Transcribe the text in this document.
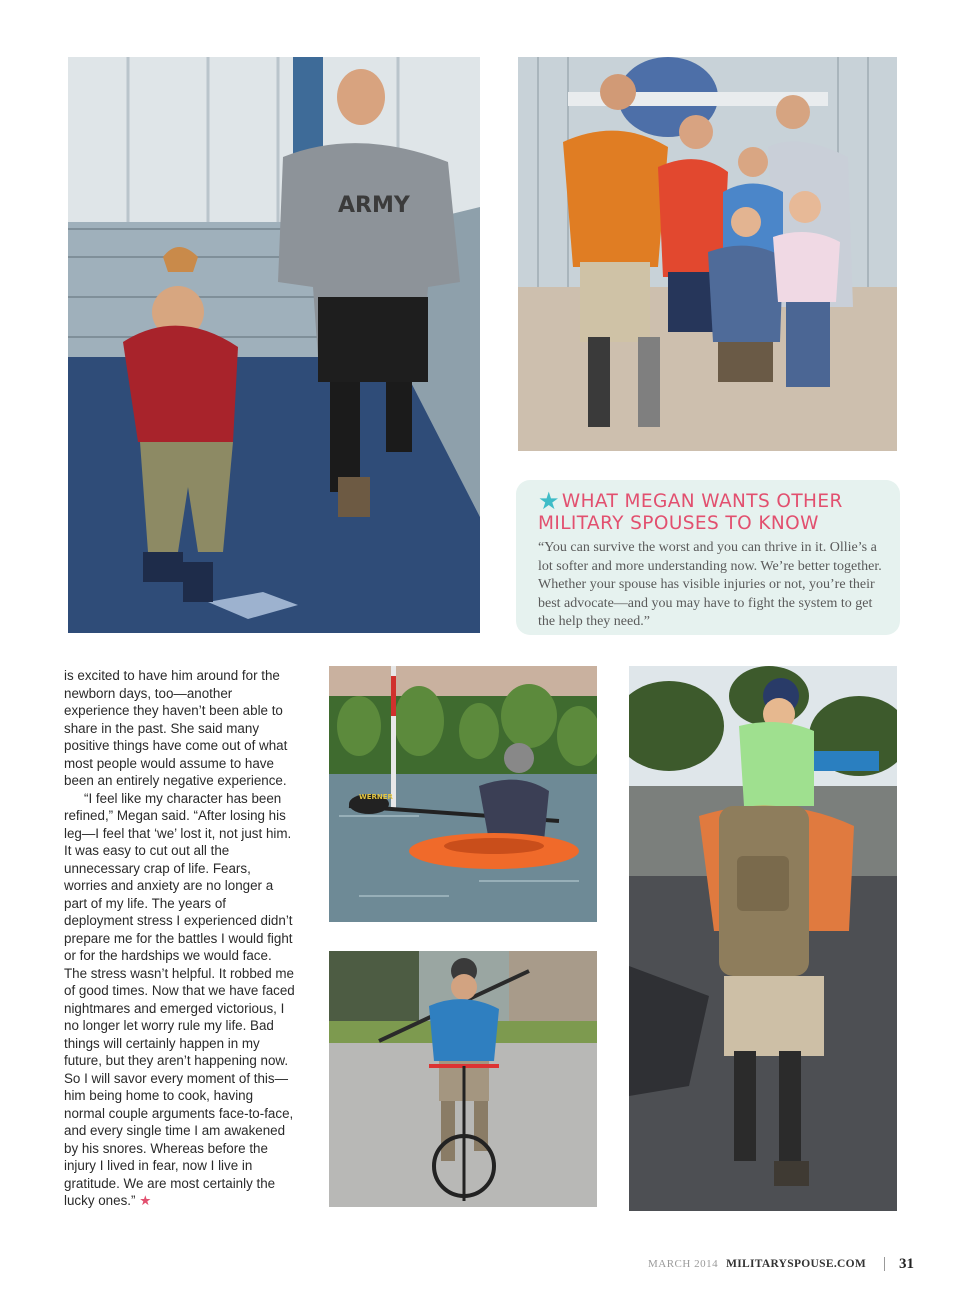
ARMY
★ WHAT MEGAN WANTS OTHER MILITARY SPOUSES TO KNOW

“You can survive the worst and you can thrive in it. Ollie’s a lot softer and more understanding now. We’re better together. Whether your spouse has visible injuries or not, you’re their best advocate—and you may have to fight the system to get the help they need.”

is excited to have him around for the newborn days, too—another experience they haven’t been able to share in the past. She said many positive things have come out of what most people would assume to have been an entirely negative experience.

“I feel like my character has been refined,” Megan said. “After losing his leg—I feel that ‘we’ lost it, not just him. It was easy to cut out all the unnecessary crap of life. Fears, worries and anxiety are no longer a part of my life. The years of deployment stress I experienced didn’t prepare me for the battles I would fight or for the hardships we would face. The stress wasn’t helpful. It robbed me of good times. Now that we have faced nightmares and emerged victorious, I no longer let worry rule my life. Bad things will certainly happen in my future, but they aren’t happening now. So I will savor every moment of this—him being home to cook, having normal couple arguments face-to-face, and every single time I am awakened by his snores. Whereas before the injury I lived in fear, now I live in gratitude. We are most certainly the lucky ones.” ★

WERNER
MARCH 2014 MILITARYSPOUSE.COM 31
